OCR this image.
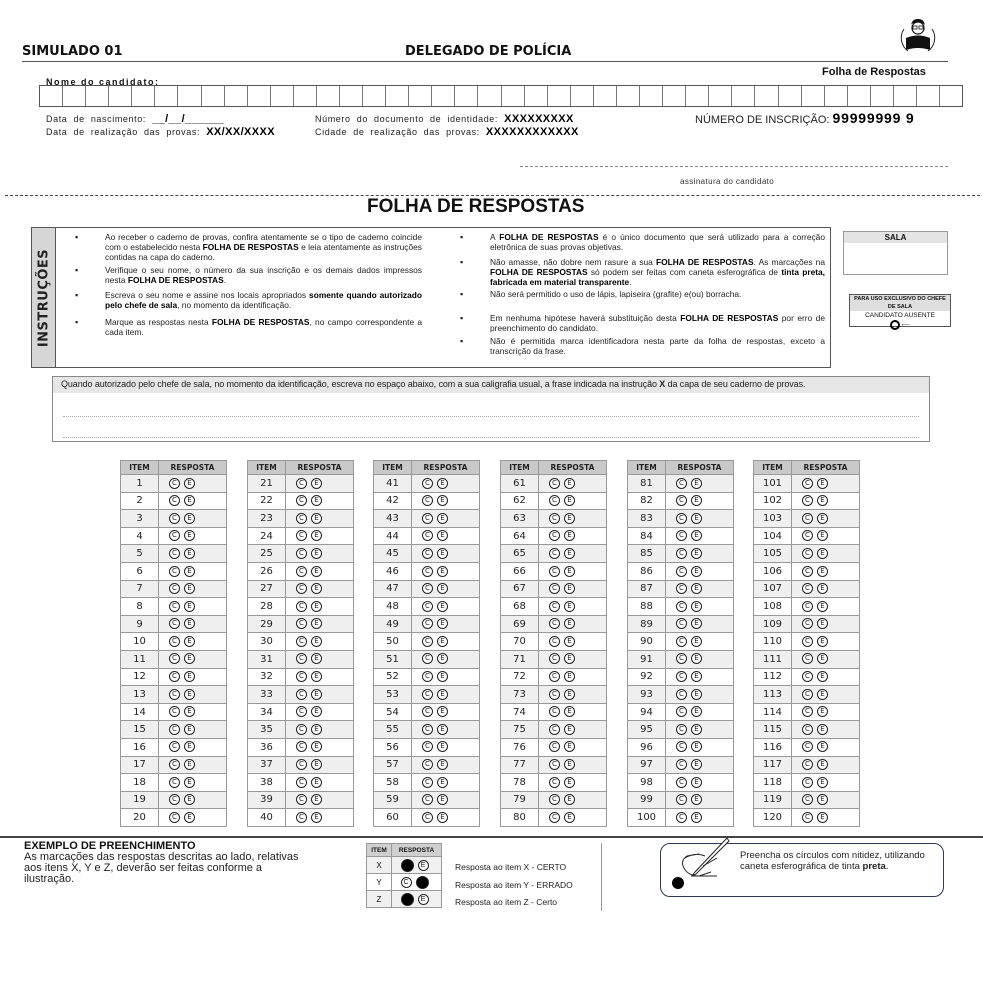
SIMULADO 01	DELEGADO DE POLÍCIA
Folha de Respostas
Nome do candidato:
Data de nascimento: __/__/______
Data de realização das provas: XX/XX/XXXX
Número do documento de identidade: XXXXXXXXX
Cidade de realização das provas: XXXXXXXXXXXX
NÚMERO DE INSCRIÇÃO: 99999999 9
assinatura do candidato
FOLHA DE RESPOSTAS
INSTRUÇÕES
▪	Ao receber o caderno de provas, confira atentamente se o tipo de caderno coincide com o estabelecido nesta FOLHA DE RESPOSTAS e leia atentamente as instruções contidas na capa do caderno.
▪	Verifique o seu nome, o número da sua inscrição e os demais dados impressos nesta FOLHA DE RESPOSTAS.
▪	Escreva o seu nome e assine nos locais apropriados somente quando autorizado pelo chefe de sala, no momento da identificação.
▪	Marque as respostas nesta FOLHA DE RESPOSTAS, no campo correspondente a cada item.
▪	A FOLHA DE RESPOSTAS é o único documento que será utilizado para a correção eletrônica de suas provas objetivas.
▪	Não amasse, não dobre nem rasure a sua FOLHA DE RESPOSTAS. As marcações na FOLHA DE RESPOSTAS só podem ser feitas com caneta esferográfica de tinta preta, fabricada em material transparente.
▪	Não será permitido o uso de lápis, lapiseira (grafite) e(ou) borracha.
▪	Em nenhuma hipótese haverá substituição desta FOLHA DE RESPOSTAS por erro de preenchimento do candidato.
▪	Não é permitida marca identificadora nesta parte da folha de respostas, exceto a transcrição da frase.
SALA
PARA USO EXCLUSIVO DO CHEFE DE SALA
CANDIDATO AUSENTE
⟵
Quando autorizado pelo chefe de sala, no momento da identificação, escreva no espaço abaixo, com a sua caligrafia usual, a frase indicada na instrução X da capa de seu caderno de provas.
ITEM	RESPOSTA
1	C E
2	C E
3	C E
4	C E
5	C E
6	C E
7	C E
8	C E
9	C E
10	C E
11	C E
12	C E
13	C E
14	C E
15	C E
16	C E
17	C E
18	C E
19	C E
20	C E
ITEM	RESPOSTA
21	C E
22	C E
23	C E
24	C E
25	C E
26	C E
27	C E
28	C E
29	C E
30	C E
31	C E
32	C E
33	C E
34	C E
35	C E
36	C E
37	C E
38	C E
39	C E
40	C E
ITEM	RESPOSTA
41	C E
42	C E
43	C E
44	C E
45	C E
46	C E
47	C E
48	C E
49	C E
50	C E
51	C E
52	C E
53	C E
54	C E
55	C E
56	C E
57	C E
58	C E
59	C E
60	C E
ITEM	RESPOSTA
61	C E
62	C E
63	C E
64	C E
65	C E
66	C E
67	C E
68	C E
69	C E
70	C E
71	C E
72	C E
73	C E
74	C E
75	C E
76	C E
77	C E
78	C E
79	C E
80	C E
ITEM	RESPOSTA
81	C E
82	C E
83	C E
84	C E
85	C E
86	C E
87	C E
88	C E
89	C E
90	C E
91	C E
92	C E
93	C E
94	C E
95	C E
96	C E
97	C E
98	C E
99	C E
100	C E
ITEM	RESPOSTA
101	C E
102	C E
103	C E
104	C E
105	C E
106	C E
107	C E
108	C E
109	C E
110	C E
111	C E
112	C E
113	C E
114	C E
115	C E
116	C E
117	C E
118	C E
119	C E
120	C E
EXEMPLO DE PREENCHIMENTO
As marcações das respostas descritas ao lado, relativas aos itens X, Y e Z, deverão ser feitas conforme a ilustração.
ITEM	RESPOSTA
X	E
Y	C
Z	E
Resposta ao item X - CERTO
Resposta ao item Y - ERRADO
Resposta ao item Z - Certo
Preencha os círculos com nitidez, utilizando caneta esferográfica de tinta preta.
